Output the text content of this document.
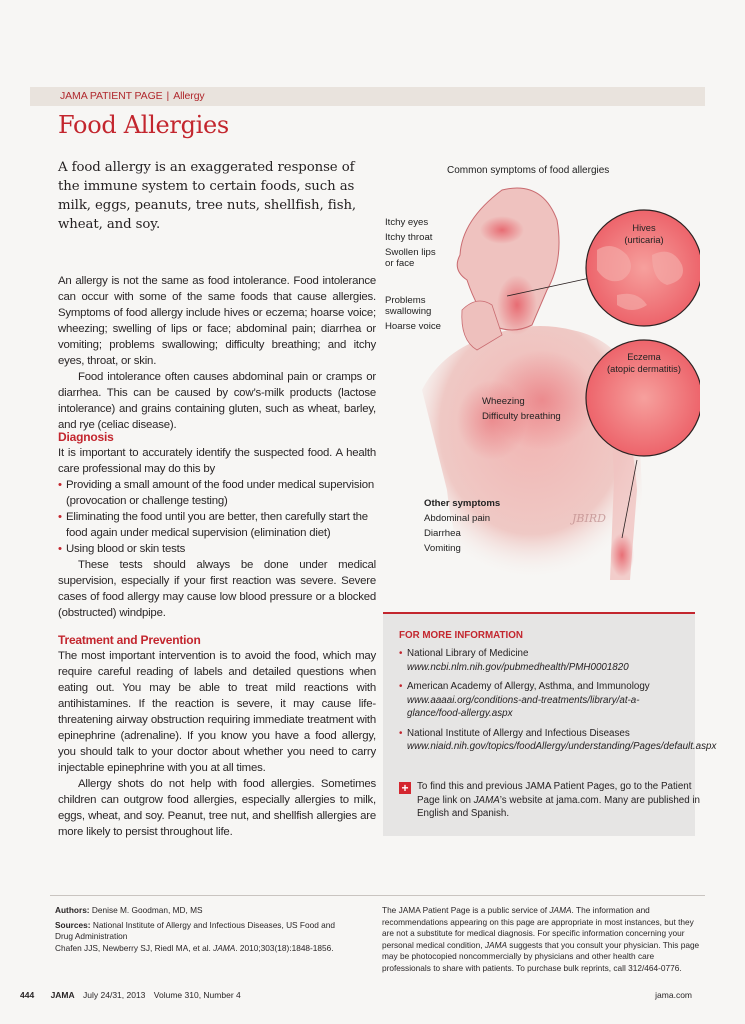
JAMA PATIENT PAGE | Allergy
Food Allergies
A food allergy is an exaggerated response of the immune system to certain foods, such as milk, eggs, peanuts, tree nuts, shellfish, fish, wheat, and soy.

An allergy is not the same as food intolerance. Food intolerance can occur with some of the same foods that cause allergies. Symptoms of food allergy include hives or eczema; hoarse voice; wheezing; swelling of lips or face; abdominal pain; diarrhea or vomiting; problems swallowing; difficulty breathing; and itchy eyes, throat, or skin.

Food intolerance often causes abdominal pain or cramps or diarrhea. This can be caused by cow’s-milk products (lactose intolerance) and grains containing gluten, such as wheat, barley, and rye (celiac disease).

Diagnosis

It is important to accurately identify the suspected food. A health care professional may do this by

• Providing a small amount of the food under medical supervision (provocation or challenge testing)
• Eliminating the food until you are better, then carefully start the food again under medical supervision (elimination diet)
• Using blood or skin tests

These tests should always be done under medical supervision, especially if your first reaction was severe. Severe cases of food allergy may cause low blood pressure or a blocked (obstructed) windpipe.

Treatment and Prevention

The most important intervention is to avoid the food, which may require careful reading of labels and detailed questions when eating out. You may be able to treat mild reactions with antihistamines. If the reaction is severe, it may cause life-threatening airway obstruction requiring immediate treatment with epinephrine (adrenaline). If you know you have a food allergy, you should talk to your doctor about whether you need to carry injectable epinephrine with you at all times.

Allergy shots do not help with food allergies. Sometimes children can outgrow food allergies, especially allergies to milk, eggs, wheat, and soy. Peanut, tree nut, and shellfish allergies are more likely to persist throughout life.

JBIRD
Common symptoms of food allergies
Itchy eyes
Itchy throat
Swollen lips
or face
Problems
swallowing
Hoarse voice
Wheezing
Difficulty breathing
Other symptoms
Abdominal pain
Diarrhea
Vomiting
Hives
(urticaria)
Eczema
(atopic dermatitis)
FOR MORE INFORMATION
• National Library of Medicine
www.ncbi.nlm.nih.gov/pubmedhealth/PMH0001820
• American Academy of Allergy, Asthma, and Immunology
www.aaaai.org/conditions-and-treatments/library/at-a-glance/food-allergy.aspx
• National Institute of Allergy and Infectious Diseases
www.niaid.nih.gov/topics/foodAllergy/understanding/Pages/default.aspx
+ To find this and previous JAMA Patient Pages, go to the Patient Page link on JAMA’s website at jama.com. Many are published in English and Spanish.
Authors: Denise M. Goodman, MD, MS
Sources: National Institute of Allergy and Infectious Diseases, US Food and Drug Administration
Chafen JJS, Newberry SJ, Riedl MA, et al. JAMA. 2010;303(18):1848-1856.
The JAMA Patient Page is a public service of JAMA. The information and recommendations appearing on this page are appropriate in most instances, but they are not a substitute for medical diagnosis. For specific information concerning your personal medical condition, JAMA suggests that you consult your physician. This page may be photocopied noncommercially by physicians and other health care professionals to share with patients. To purchase bulk reprints, call 312/464-0776.
444 JAMA July 24/31, 2013 Volume 310, Number 4	jama.com
